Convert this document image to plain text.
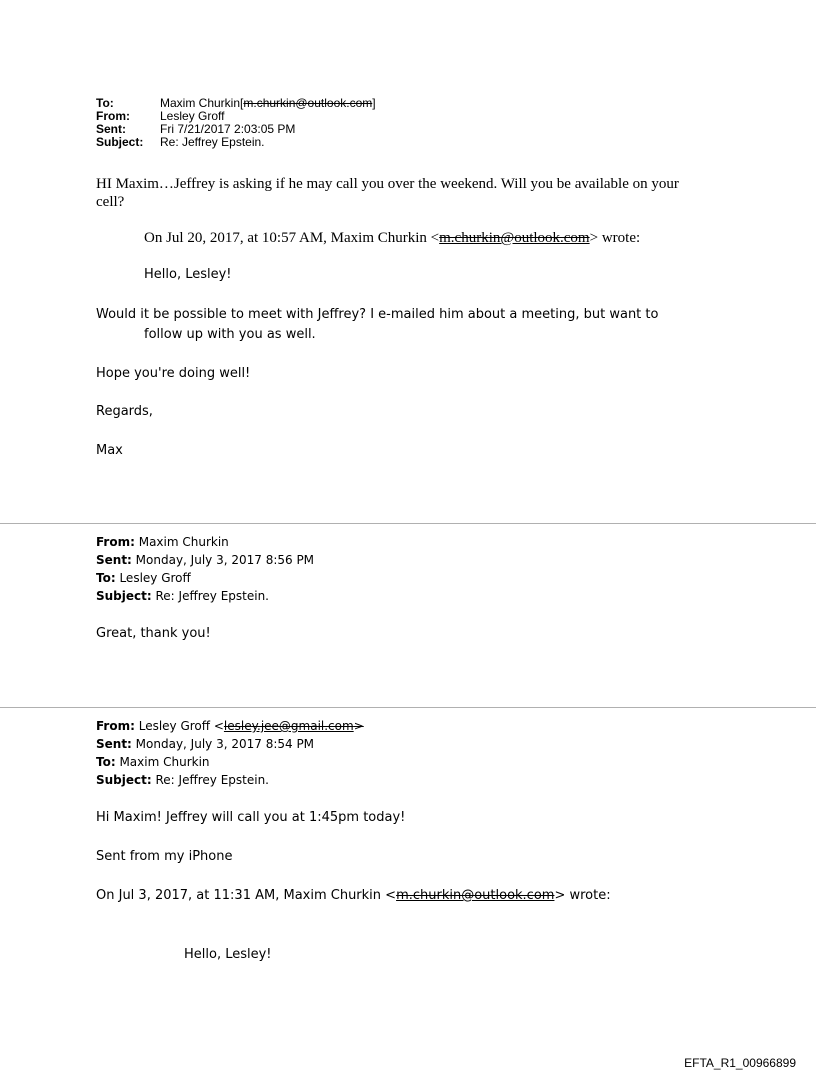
To:	Maxim Churkin[m.churkin@outlook.com]
From:	Lesley Groff
Sent:	Fri 7/21/2017 2:03:05 PM
Subject: Re: Jeffrey Epstein.
HI Maxim…Jeffrey is asking if he may call you over the weekend. Will you be available on your
cell?
On Jul 20, 2017, at 10:57 AM, Maxim Churkin <m.churkin@outlook.com> wrote:
Hello, Lesley!
Would it be possible to meet with Jeffrey? I e-mailed him about a meeting, but want to
follow up with you as well.
Hope you're doing well!
Regards,
Max
From: Maxim Churkin
Sent: Monday, July 3, 2017 8:56 PM
To: Lesley Groff
Subject: Re: Jeffrey Epstein.
Great, thank you!
From: Lesley Groff <lesley.jee@gmail.com>
Sent: Monday, July 3, 2017 8:54 PM
To: Maxim Churkin
Subject: Re: Jeffrey Epstein.
Hi Maxim! Jeffrey will call you at 1:45pm today!
Sent from my iPhone
On Jul 3, 2017, at 11:31 AM, Maxim Churkin <m.churkin@outlook.com> wrote:
Hello, Lesley!
EFTA_R1_00966899
